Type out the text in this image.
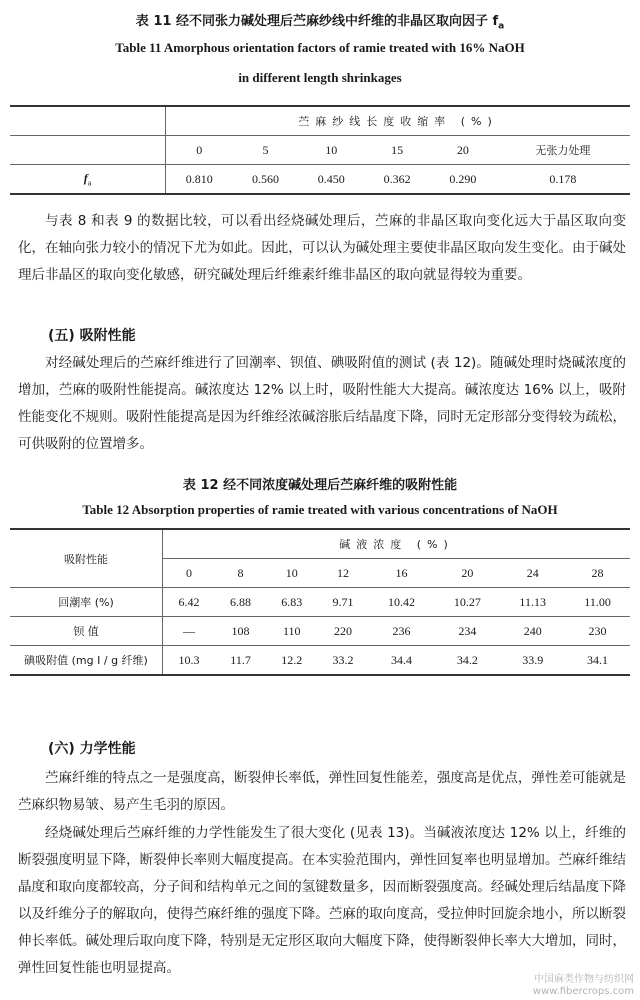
表 11 经不同张力碱处理后苎麻纱线中纤维的非晶区取向因子 $f_a$
Table 11 Amorphous orientation factors of ramie treated with 16% NaOH
in different length shrinkages
	苎麻纱线长度收缩率 (%)					
	0	5	10	15	20	无张力处理
$f_a$	0.810	0.560	0.450	0.362	0.290	0.178

与表 8 和表 9 的数据比较，可以看出经烧碱处理后，苎麻的非晶区取向变化远大于晶区取向变化，在轴向张力较小的情况下尤为如此。因此，可以认为碱处理主要使非晶区取向发生变化。由于碱处理后非晶区的取向变化敏感，研究碱处理后纤维素纤维非晶区的取向就显得较为重要。

(五) 吸附性能

对经碱处理后的苎麻纤维进行了回潮率、钡值、碘吸附值的测试 (表 12)。随碱处理时烧碱浓度的增加，苎麻的吸附性能提高。碱浓度达 12% 以上时，吸附性能大大提高。碱浓度达 16% 以上，吸附性能变化不规则。吸附性能提高是因为纤维经浓碱溶胀后结晶度下降，同时无定形部分变得较为疏松，可供吸附的位置增多。

表 12 经不同浓度碱处理后苎麻纤维的吸附性能
Table 12 Absorption properties of ramie treated with various concentrations of NaOH
吸附性能	碱液浓度 (%)							
	0	8	10	12	16	20	24	28
回潮率 (%)	6.42	6.88	6.83	9.71	10.42	10.27	11.13	11.00
钡 值	—	108	110	220	236	234	240	230
碘吸附值 (mg I / g 纤维)	10.3	11.7	12.2	33.2	34.4	34.2	33.9	34.1
(六) 力学性能

苎麻纤维的特点之一是强度高，断裂伸长率低，弹性回复性能差，强度高是优点，弹性差可能就是苎麻织物易皱、易产生毛羽的原因。

经烧碱处理后苎麻纤维的力学性能发生了很大变化 (见表 13)。当碱液浓度达 12% 以上，纤维的断裂强度明显下降，断裂伸长率则大幅度提高。在本实验范围内，弹性回复率也明显增加。苎麻纤维结晶度和取向度都较高，分子间和结构单元之间的氢键数量多，因而断裂强度高。经碱处理后结晶度下降以及纤维分子的解取向，使得苎麻纤维的强度下降。苎麻的取向度高，受拉伸时回旋余地小，所以断裂伸长率低。碱处理后取向度下降，特别是无定形区取向大幅度下降，使得断裂伸长率大大增加，同时，弹性回复性能也明显提高。

中国麻类作物与纺织网
www.fibercrops.com
